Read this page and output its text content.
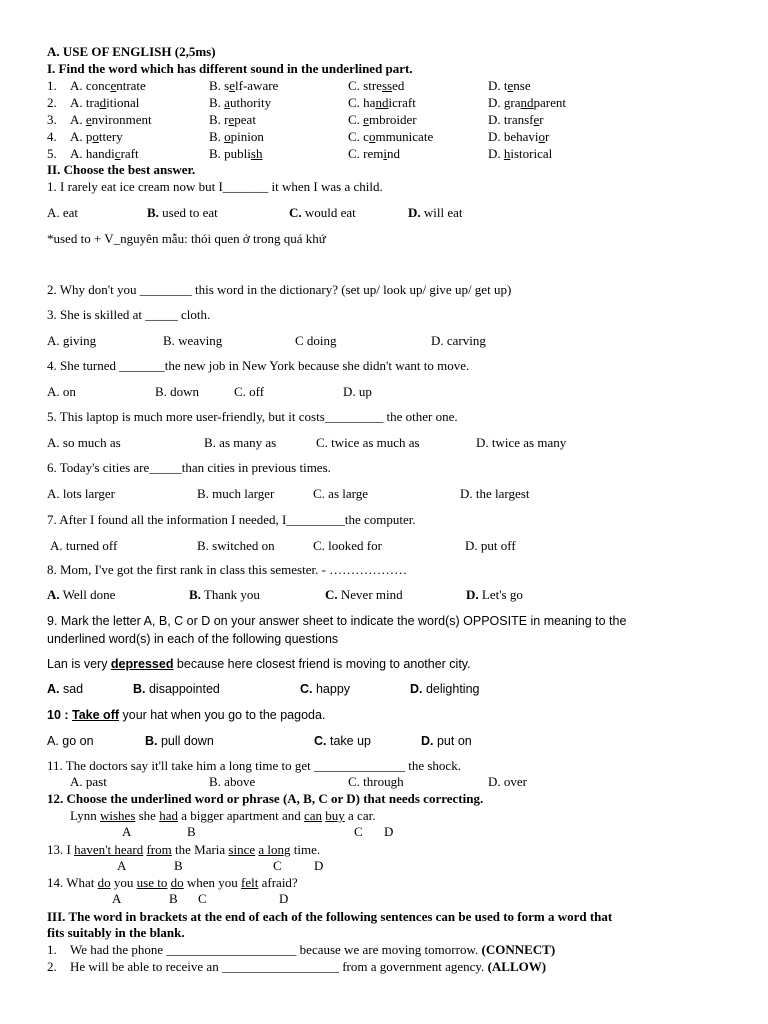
A. USE OF ENGLISH (2,5ms)
I. Find the word which has different sound in the underlined part.
1. A. concentrate	B. self-aware	C. stressed	D. tense
2. A. traditional	B. authority	C. handicraft	D. grandparent
3. A. environment	B. repeat	C. embroider	D. transfer
4. A. pottery	B. opinion	C. communicate	D. behavior
5. A. handicraft	B. publish	C. remind	D. historical
II. Choose the best answer.
1. I rarely eat ice cream now but I_______ it when I was a child.
A. eat	B. used to eat	C. would eat	D. will eat
*used to + V_nguyên mẫu: thói quen ở trong quá khứ
2. Why don't you ________ this word in the dictionary? (set up/ look up/ give up/ get up)
3. She is skilled at _____ cloth.
A. giving	B. weaving	C doing	D. carving
4. She turned _______the new job in New York because she didn't want to move.
A. on	B. down	C. off	D. up
5. This laptop is much more user-friendly, but it costs_________ the other one.
A. so much as	B. as many as	C. twice as much as	D. twice as many
6. Today's cities are_____than cities in previous times.
A. lots larger	B. much larger	C. as large	D. the largest
7. After I found all the information I needed, I_________the computer.
A. turned off	B. switched on	C. looked for	D. put off
8. Mom, I've got the first rank in class this semester. - ………………
A. Well done	B. Thank you	C. Never mind	D. Let's go
9. Mark the letter A, B, C or D on your answer sheet to indicate the word(s) OPPOSITE in meaning to the
underlined word(s) in each of the following questions
Lan is very depressed because here closest friend is moving to another city.
A. sad	B. disappointed	C. happy	D. delighting
10 : Take off your hat when you go to the pagoda.
A. go on	B. pull down	C. take up	D. put on
11. The doctors say it'll take him a long time to get ______________ the shock.
A. past	B. above	C. through	D. over
12. Choose the underlined word or phrase (A, B, C or D) that needs correcting.
Lynn wishes she had a bigger apartment and can buy a car.
A	B	C D
13. I haven't heard from the Maria since a long time.
A	B	C D
14. What do you use to do when you felt afraid?
A	B C	D
III. The word in brackets at the end of each of the following sentences can be used to form a word that
fits suitably in the blank.
1. We had the phone ____________________ because we are moving tomorrow. (CONNECT)
2. He will be able to receive an __________________ from a government agency. (ALLOW)
